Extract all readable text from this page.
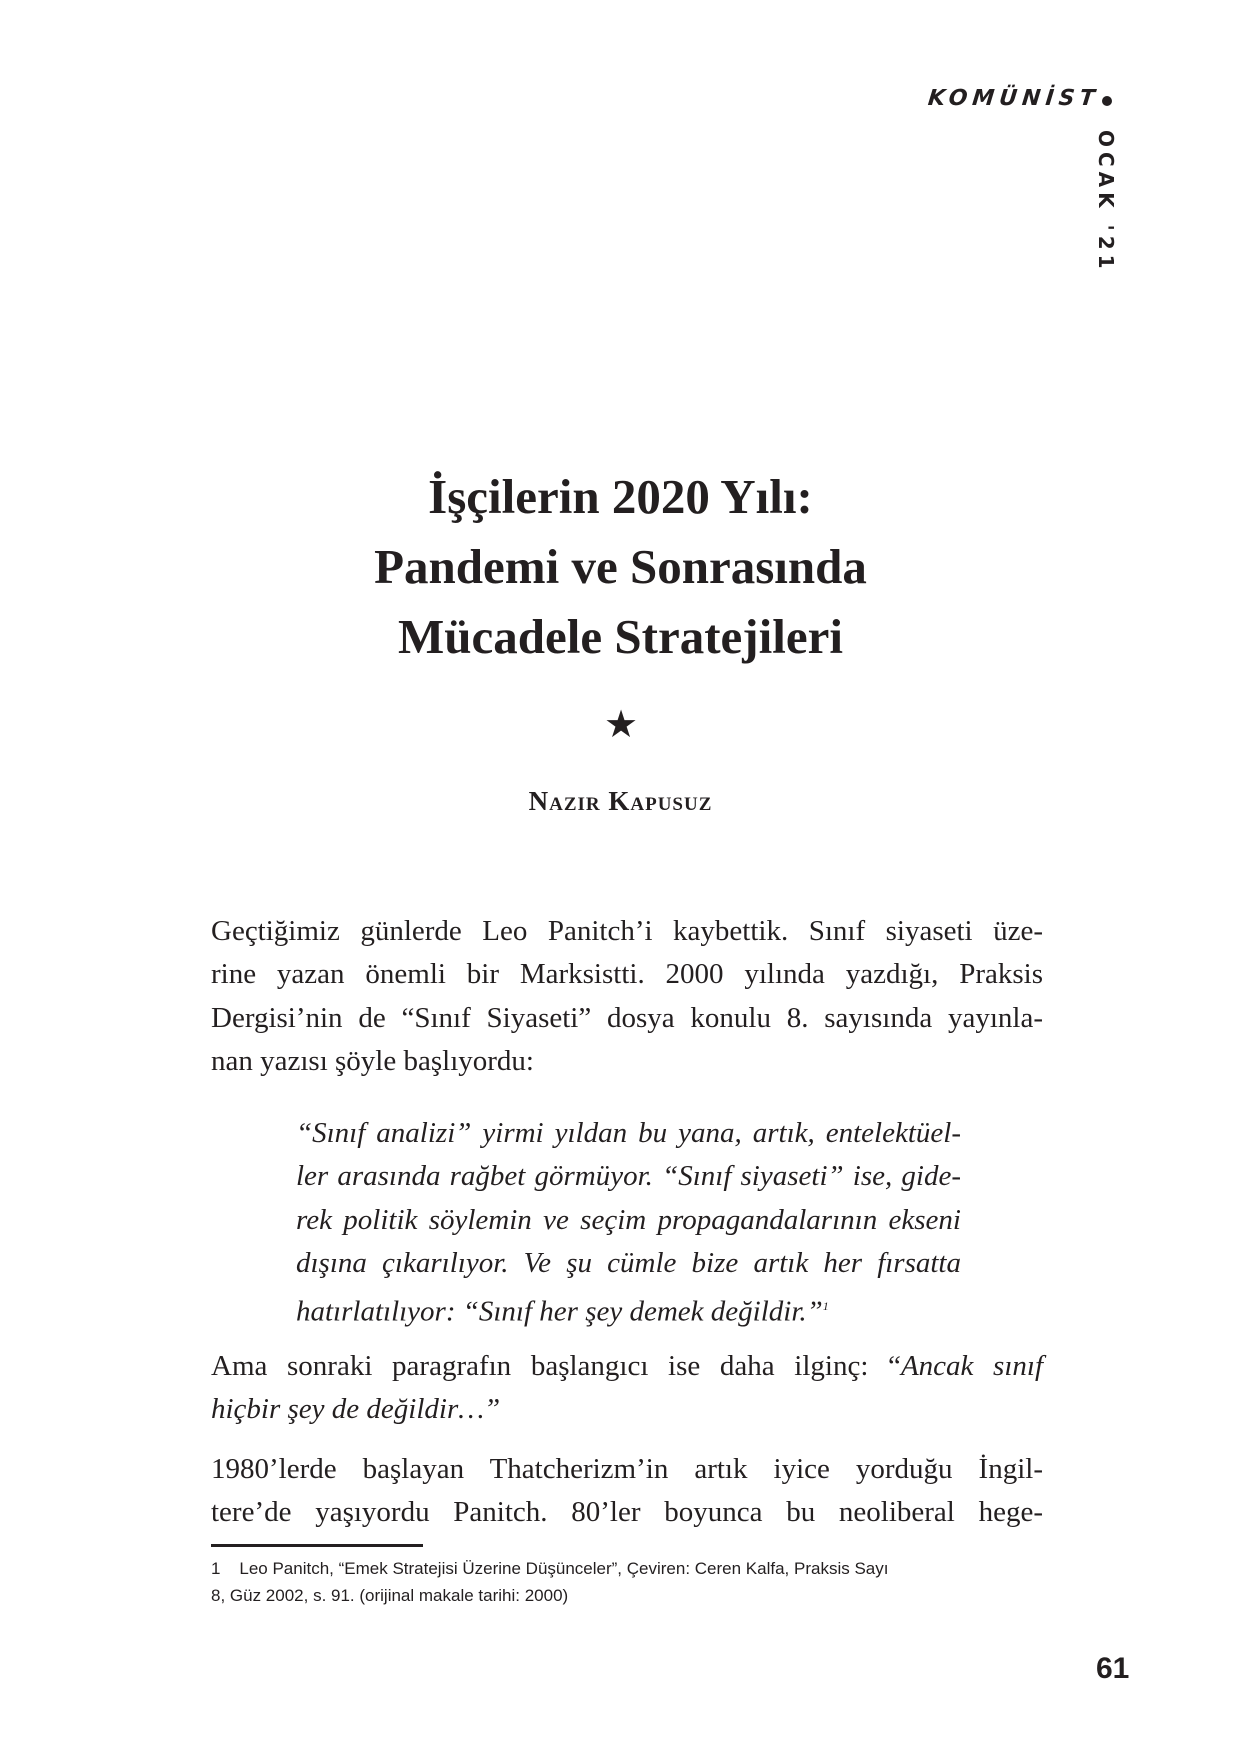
KOMÜNİST
OCAK '21
İşçilerin 2020 Yılı:
Pandemi ve Sonrasında
Mücadele Stratejileri
★
Nazır Kapusuz
Geçtiğimiz günlerde Leo Panitch’i kaybettik. Sınıf siyaseti üze-
rine yazan önemli bir Marksistti. 2000 yılında yazdığı, Praksis
Dergisi’nin de “Sınıf Siyaseti” dosya konulu 8. sayısında yayınla-
nan yazısı şöyle başlıyordu:
“Sınıf analizi” yirmi yıldan bu yana, artık, entelektüel-
ler arasında rağbet görmüyor. “Sınıf siyaseti” ise, gide-
rek politik söylemin ve seçim propagandalarının ekseni
dışına çıkarılıyor. Ve şu cümle bize artık her fırsatta
hatırlatılıyor: “Sınıf her şey demek değildir.”$^1$
Ama sonraki paragrafın başlangıcı ise daha ilginç: “Ancak sınıf
hiçbir şey de değildir…”
1980’lerde başlayan Thatcherizm’in artık iyice yorduğu İngil-
tere’de yaşıyordu Panitch. 80’ler boyunca bu neoliberal hege-
1 Leo Panitch, “Emek Stratejisi Üzerine Düşünceler”, Çeviren: Ceren Kalfa, Praksis Sayı
8, Güz 2002, s. 91. (orijinal makale tarihi: 2000)
61
